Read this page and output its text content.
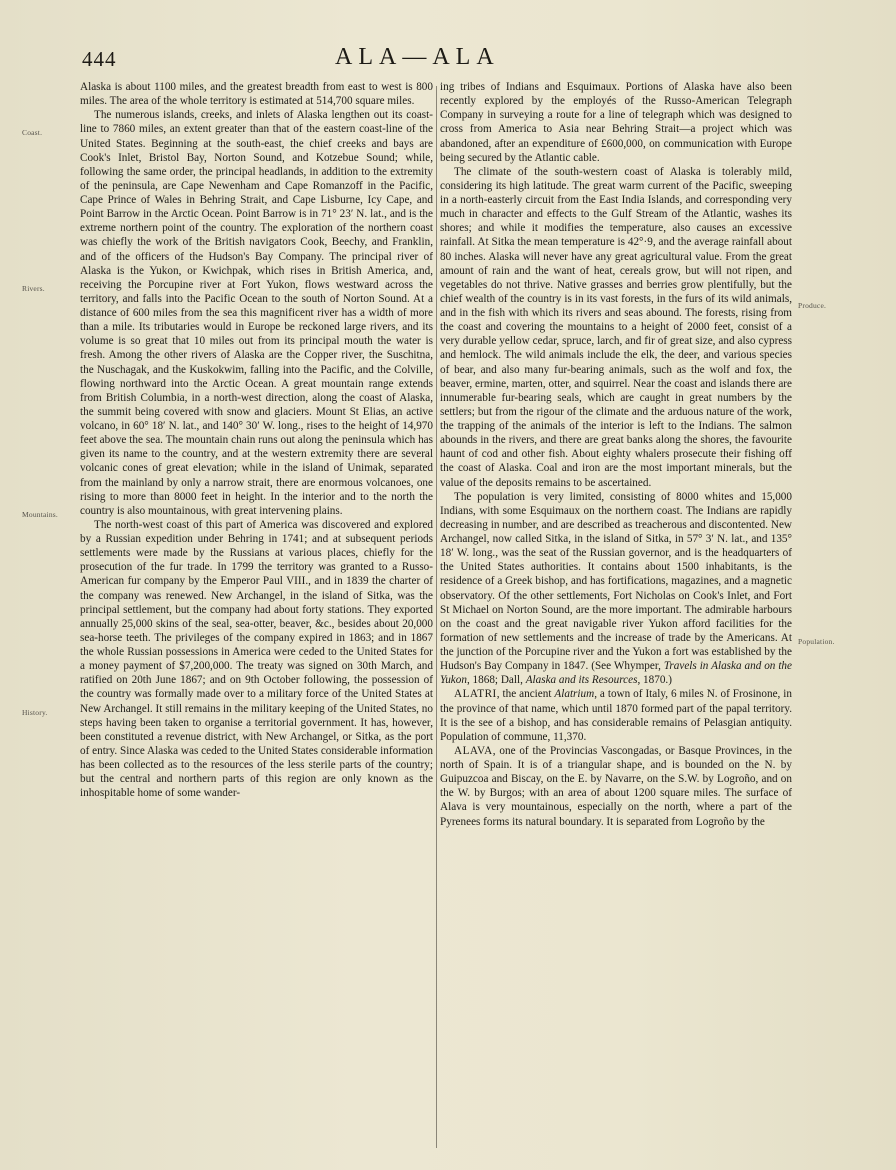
444	ALA—ALA
Coast.
Rivers.
Mountains.
History.
Produce.
Population.

Alaska is about 1100 miles, and the greatest breadth from east to west is 800 miles. The area of the whole territory is estimated at 514,700 square miles.

The numerous islands, creeks, and inlets of Alaska lengthen out its coast-line to 7860 miles, an extent greater than that of the eastern coast-line of the United States. Beginning at the south-east, the chief creeks and bays are Cook's Inlet, Bristol Bay, Norton Sound, and Kotzebue Sound; while, following the same order, the principal headlands, in addition to the extremity of the peninsula, are Cape Newenham and Cape Romanzoff in the Pacific, Cape Prince of Wales in Behring Strait, and Cape Lisburne, Icy Cape, and Point Barrow in the Arctic Ocean. Point Barrow is in 71° 23′ N. lat., and is the extreme northern point of the country. The exploration of the northern coast was chiefly the work of the British navigators Cook, Beechy, and Franklin, and of the officers of the Hudson's Bay Company. The principal river of Alaska is the Yukon, or Kwichpak, which rises in British America, and, receiving the Porcupine river at Fort Yukon, flows westward across the territory, and falls into the Pacific Ocean to the south of Norton Sound. At a distance of 600 miles from the sea this magnificent river has a width of more than a mile. Its tributaries would in Europe be reckoned large rivers, and its volume is so great that 10 miles out from its principal mouth the water is fresh. Among the other rivers of Alaska are the Copper river, the Suschitna, the Nuschagak, and the Kuskokwim, falling into the Pacific, and the Colville, flowing northward into the Arctic Ocean. A great mountain range extends from British Columbia, in a north-west direction, along the coast of Alaska, the summit being covered with snow and glaciers. Mount St Elias, an active volcano, in 60° 18′ N. lat., and 140° 30′ W. long., rises to the height of 14,970 feet above the sea. The mountain chain runs out along the peninsula which has given its name to the country, and at the western extremity there are several volcanic cones of great elevation; while in the island of Unimak, separated from the mainland by only a narrow strait, there are enormous volcanoes, one rising to more than 8000 feet in height. In the interior and to the north the country is also mountainous, with great intervening plains.

The north-west coast of this part of America was discovered and explored by a Russian expedition under Behring in 1741; and at subsequent periods settlements were made by the Russians at various places, chiefly for the prosecution of the fur trade. In 1799 the territory was granted to a Russo-American fur company by the Emperor Paul VIII., and in 1839 the charter of the company was renewed. New Archangel, in the island of Sitka, was the principal settlement, but the company had about forty stations. They exported annually 25,000 skins of the seal, sea-otter, beaver, &c., besides about 20,000 sea-horse teeth. The privileges of the company expired in 1863; and in 1867 the whole Russian possessions in America were ceded to the United States for a money payment of $7,200,000. The treaty was signed on 30th March, and ratified on 20th June 1867; and on 9th October following, the possession of the country was formally made over to a military force of the United States at New Archangel. It still remains in the military keeping of the United States, no steps having been taken to organise a territorial government. It has, however, been constituted a revenue district, with New Archangel, or Sitka, as the port of entry. Since Alaska was ceded to the United States considerable information has been collected as to the resources of the less sterile parts of the country; but the central and northern parts of this region are only known as the inhospitable home of some wander-

ing tribes of Indians and Esquimaux. Portions of Alaska have also been recently explored by the employés of the Russo-American Telegraph Company in surveying a route for a line of telegraph which was designed to cross from America to Asia near Behring Strait—a project which was abandoned, after an expenditure of £600,000, on communication with Europe being secured by the Atlantic cable.

The climate of the south-western coast of Alaska is tolerably mild, considering its high latitude. The great warm current of the Pacific, sweeping in a north-easterly circuit from the East India Islands, and corresponding very much in character and effects to the Gulf Stream of the Atlantic, washes its shores; and while it modifies the temperature, also causes an excessive rainfall. At Sitka the mean temperature is 42°·9, and the average rainfall about 80 inches. Alaska will never have any great agricultural value. From the great amount of rain and the want of heat, cereals grow, but will not ripen, and vegetables do not thrive. Native grasses and berries grow plentifully, but the chief wealth of the country is in its vast forests, in the furs of its wild animals, and in the fish with which its rivers and seas abound. The forests, rising from the coast and covering the mountains to a height of 2000 feet, consist of a very durable yellow cedar, spruce, larch, and fir of great size, and also cypress and hemlock. The wild animals include the elk, the deer, and various species of bear, and also many fur-bearing animals, such as the wolf and fox, the beaver, ermine, marten, otter, and squirrel. Near the coast and islands there are innumerable fur-bearing seals, which are caught in great numbers by the settlers; but from the rigour of the climate and the arduous nature of the work, the trapping of the animals of the interior is left to the Indians. The salmon abounds in the rivers, and there are great banks along the shores, the favourite haunt of cod and other fish. About eighty whalers prosecute their fishing off the coast of Alaska. Coal and iron are the most important minerals, but the value of the deposits remains to be ascertained.

The population is very limited, consisting of 8000 whites and 15,000 Indians, with some Esquimaux on the northern coast. The Indians are rapidly decreasing in number, and are described as treacherous and discontented. New Archangel, now called Sitka, in the island of Sitka, in 57° 3′ N. lat., and 135° 18′ W. long., was the seat of the Russian governor, and is the headquarters of the United States authorities. It contains about 1500 inhabitants, is the residence of a Greek bishop, and has fortifications, magazines, and a magnetic observatory. Of the other settlements, Fort Nicholas on Cook's Inlet, and Fort St Michael on Norton Sound, are the more important. The admirable harbours on the coast and the great navigable river Yukon afford facilities for the formation of new settlements and the increase of trade by the Americans. At the junction of the Porcupine river and the Yukon a fort was established by the Hudson's Bay Company in 1847. (See Whymper, Travels in Alaska and on the Yukon, 1868; Dall, Alaska and its Resources, 1870.)

ALATRI, the ancient Alatrium, a town of Italy, 6 miles N. of Frosinone, in the province of that name, which until 1870 formed part of the papal territory. It is the see of a bishop, and has considerable remains of Pelasgian antiquity. Population of commune, 11,370.

ALAVA, one of the Provincias Vascongadas, or Basque Provinces, in the north of Spain. It is of a triangular shape, and is bounded on the N. by Guipuzcoa and Biscay, on the E. by Navarre, on the S.W. by Logroño, and on the W. by Burgos; with an area of about 1200 square miles. The surface of Alava is very mountainous, especially on the north, where a part of the Pyrenees forms its natural boundary. It is separated from Logroño by the
